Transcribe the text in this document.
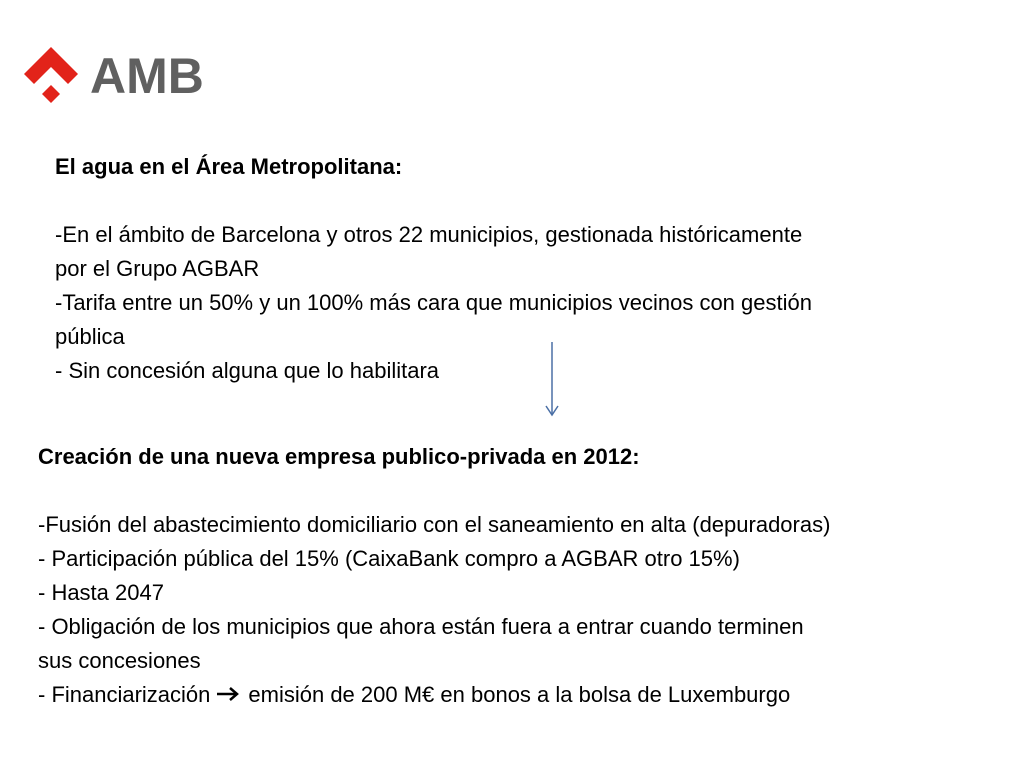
AMB

El agua en el Área Metropolitana:

-En el ámbito de Barcelona y otros 22 municipios, gestionada históricamente

por el Grupo AGBAR

-Tarifa entre un 50% y un 100% más cara que municipios vecinos con gestión

pública

- Sin concesión alguna que lo habilitara

Creación de una nueva empresa publico-privada en 2012:

-Fusión del abastecimiento domiciliario con el saneamiento en alta (depuradoras)

- Participación pública del 15% (CaixaBank compro a AGBAR otro 15%)

- Hasta 2047

- Obligación de los municipios que ahora están fuera a entrar cuando terminen

sus concesiones

- Financiarización emisión de 200 M€ en bonos a la bolsa de Luxemburgo
